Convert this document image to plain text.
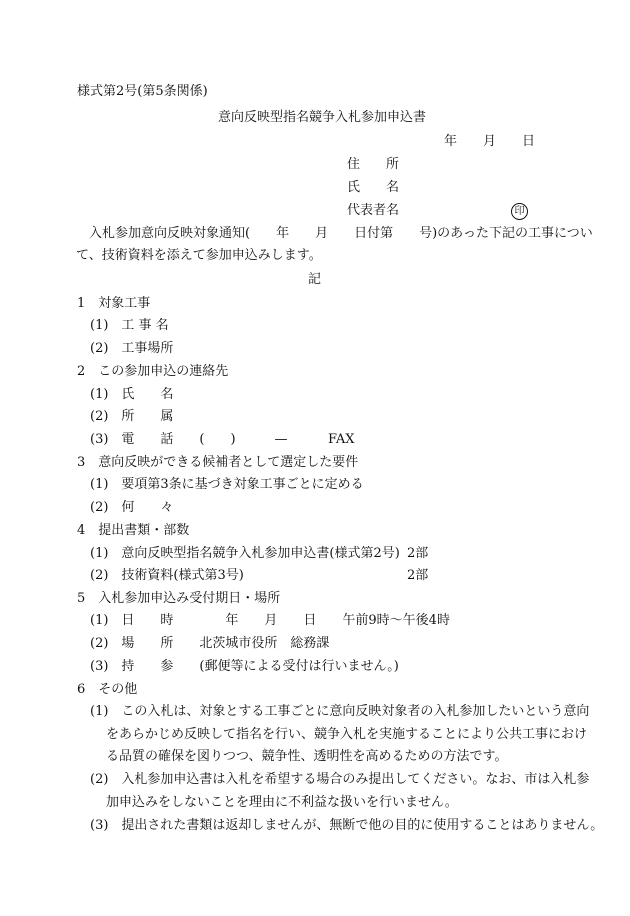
様式第2号(第5条関係)
意向反映型指名競争入札参加申込書
年　　月　　日
住　　所
氏　　名
代表者名	印
　入札参加意向反映対象通知(　　年　　月　　日付第　　号)のあった下記の工事につい
て、技術資料を添えて参加申込みします。
記
1　対象工事
(1)　工 事 名
(2)　工事場所
2　この参加申込の連絡先
(1)　氏　　名
(2)　所　　属
(3)　電　　話　　(　　)　　　—	FAX
3　意向反映ができる候補者として選定した要件
(1)　要項第3条に基づき対象工事ごとに定める
(2)　何　　々
4　提出書類・部数
(1)　意向反映型指名競争入札参加申込書(様式第2号) 2部
(2)　技術資料(様式第3号)	2部
5　入札参加申込み受付期日・場所
(1)　日　　時　　　　年　　月　　日　　午前9時～午後4時
(2)　場　　所　　北茨城市役所　総務課
(3)　持　　参　　(郵便等による受付は行いません。)
6　その他
(1)　この入札は、対象とする工事ごとに意向反映対象者の入札参加したいという意向
をあらかじめ反映して指名を行い、競争入札を実施することにより公共工事におけ
る品質の確保を図りつつ、競争性、透明性を高めるための方法です。
(2)　入札参加申込書は入札を希望する場合のみ提出してください。なお、市は入札参
加申込みをしないことを理由に不利益な扱いを行いません。
(3)　提出された書類は返却しませんが、無断で他の目的に使用することはありません。
